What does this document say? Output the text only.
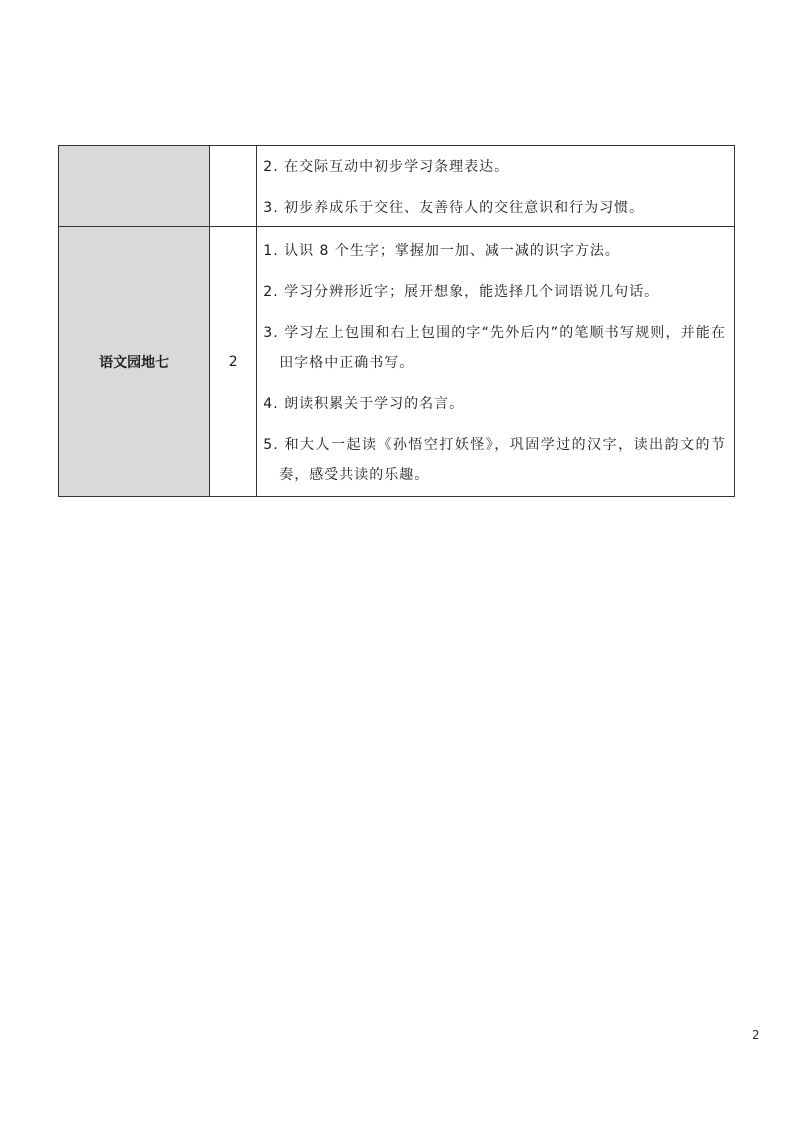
		2. 在交际互动中初步学习条理表达。

3. 初步养成乐于交往、友善待人的交往意识和行为习惯。

语文园地七	2	1. 认识 8 个生字；掌握加一加、减一减的识字方法。

2. 学习分辨形近字；展开想象，能选择几个词语说几句话。

3. 学习左上包围和右上包围的字“先外后内”的笔顺书写规则，并能在田字格中正确书写。

4. 朗读积累关于学习的名言。

5. 和大人一起读《孙悟空打妖怪》，巩固学过的汉字，读出韵文的节奏，感受共读的乐趣。

2
